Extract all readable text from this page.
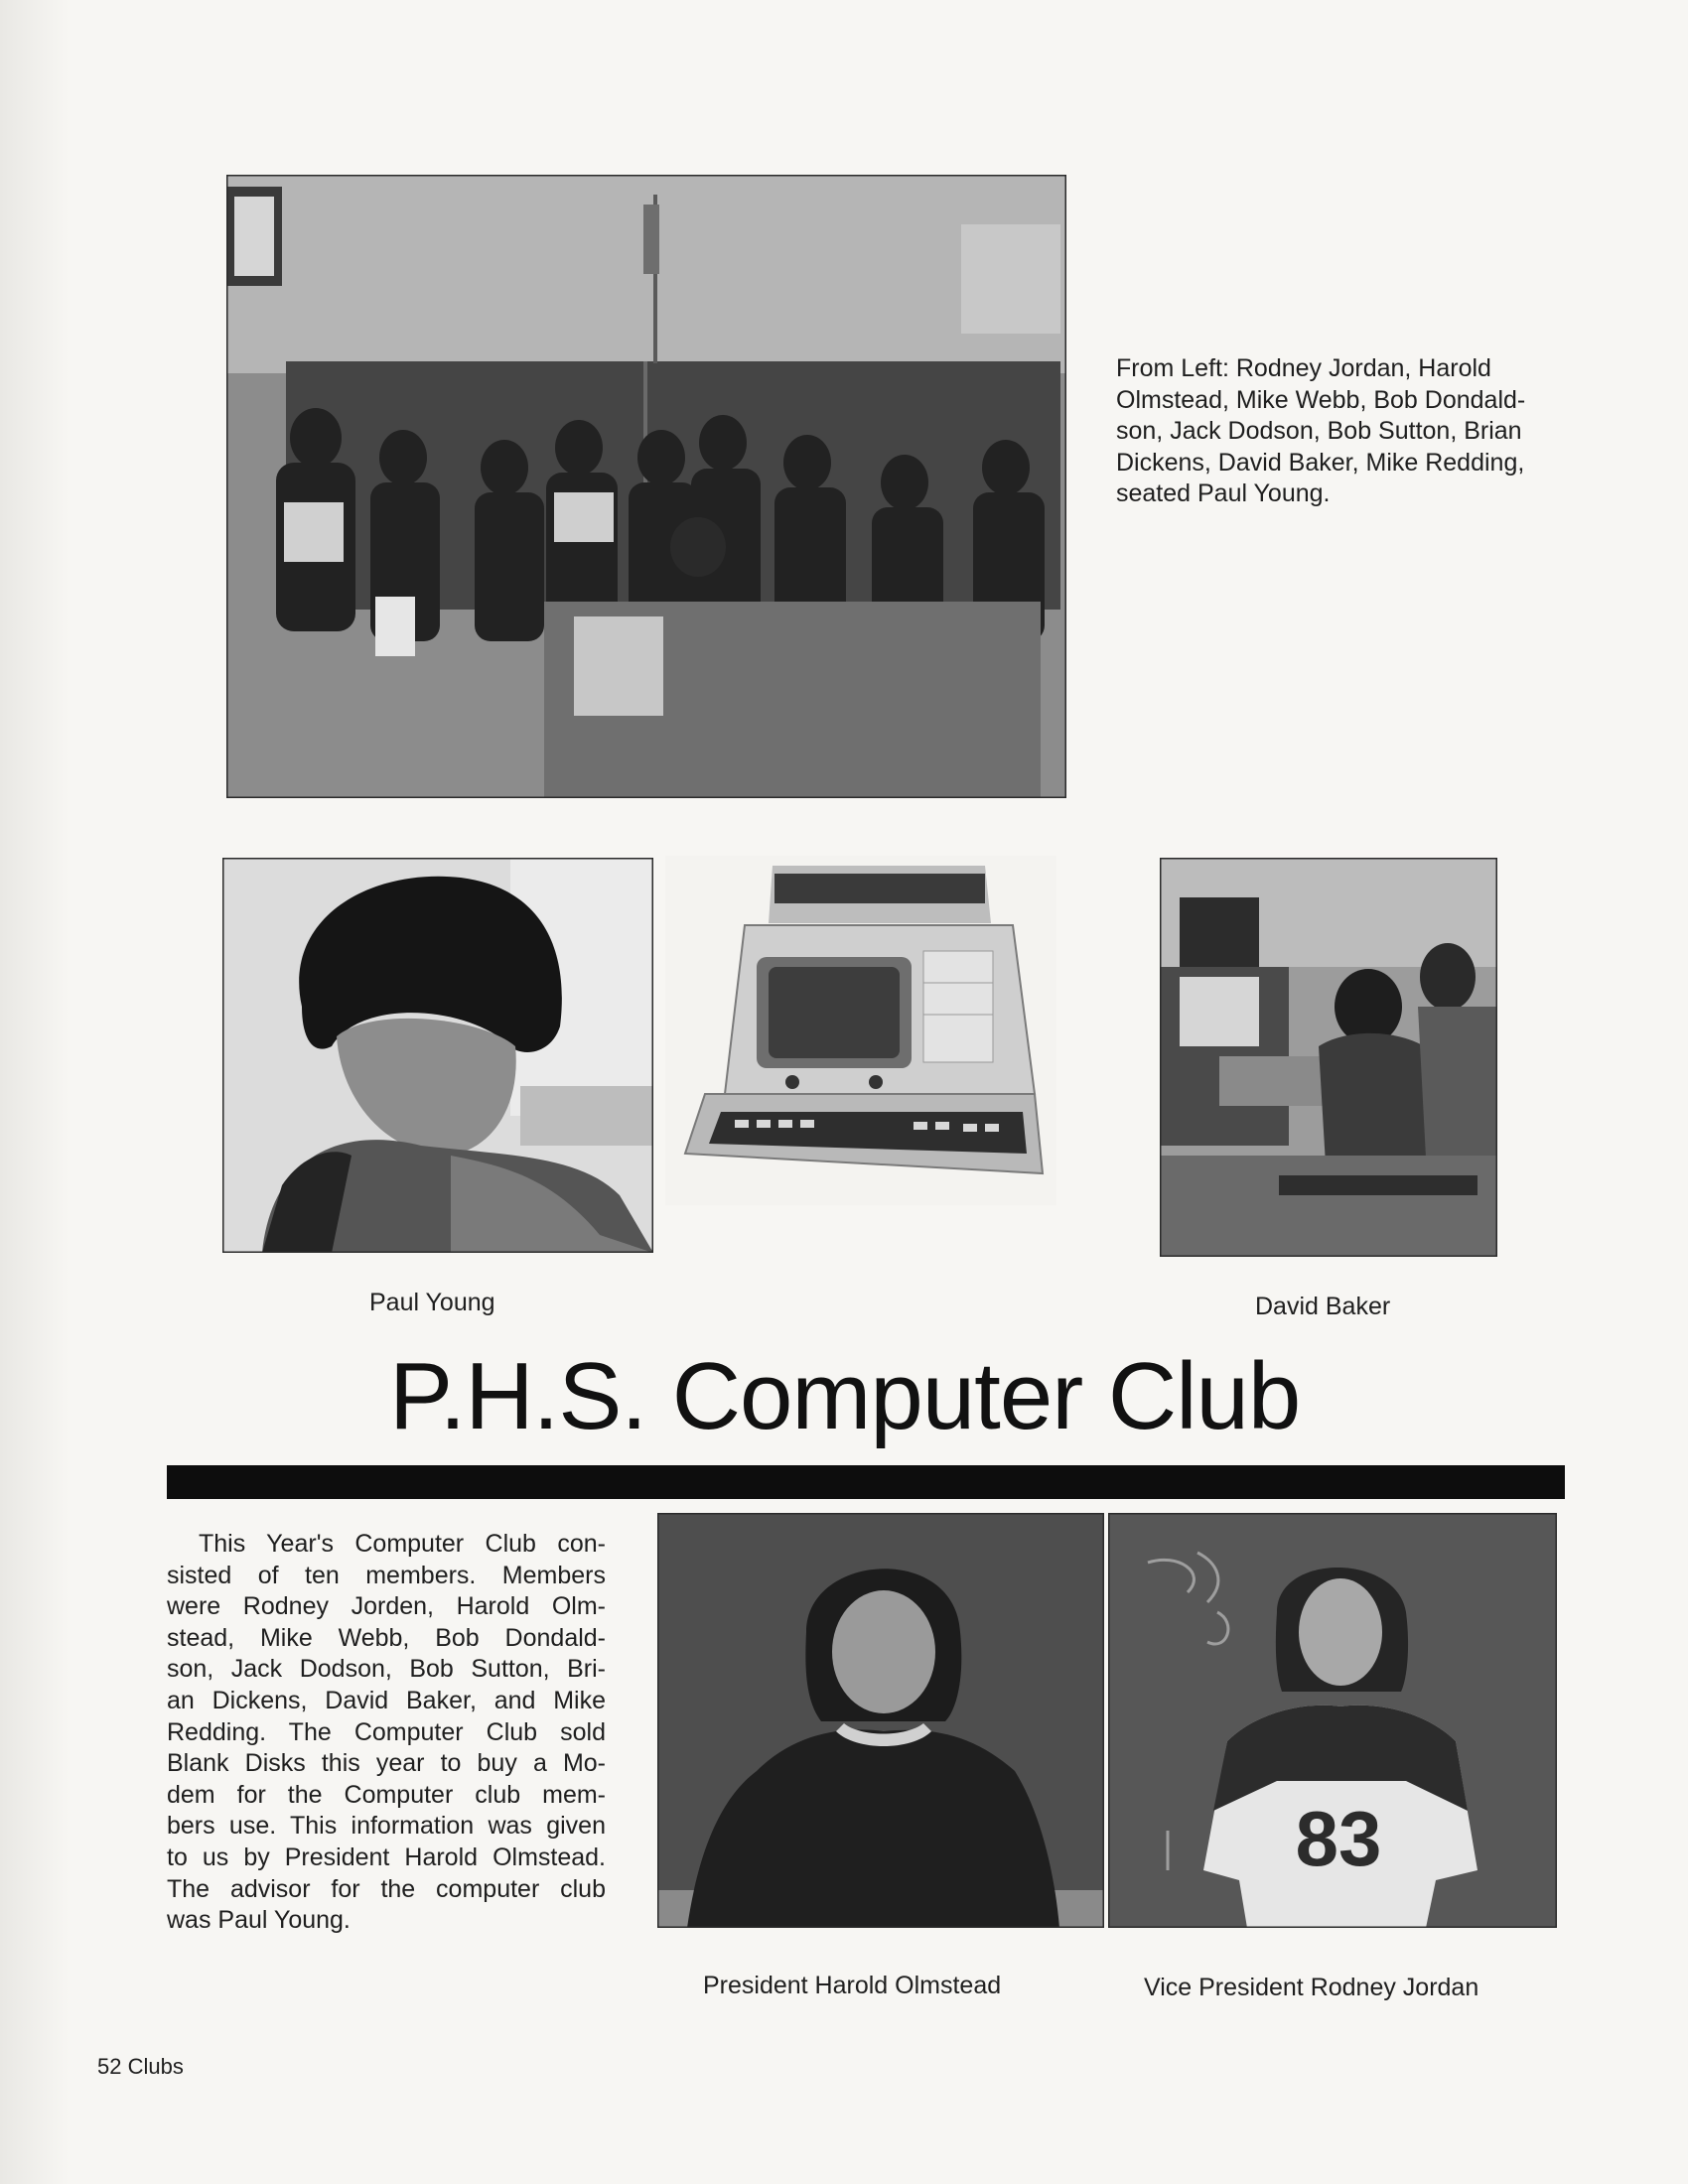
From Left: Rodney Jordan, Harold
Olmstead, Mike Webb, Bob Dondald-
son, Jack Dodson, Bob Sutton, Brian
Dickens, David Baker, Mike Redding,
seated Paul Young.
Paul Young	David Baker
P.H.S. Computer Club
This Year's Computer Club con-
sisted of ten members. Members
were Rodney Jorden, Harold Olm-
stead, Mike Webb, Bob Dondald-
son, Jack Dodson, Bob Sutton, Bri-
an Dickens, David Baker, and Mike
Redding. The Computer Club sold
Blank Disks this year to buy a Mo-
dem for the Computer club mem-
bers use. This information was given
to us by President Harold Olmstead.
The advisor for the computer club
was Paul Young.
President Harold Olmstead
83
Vice President Rodney Jordan
52 Clubs
